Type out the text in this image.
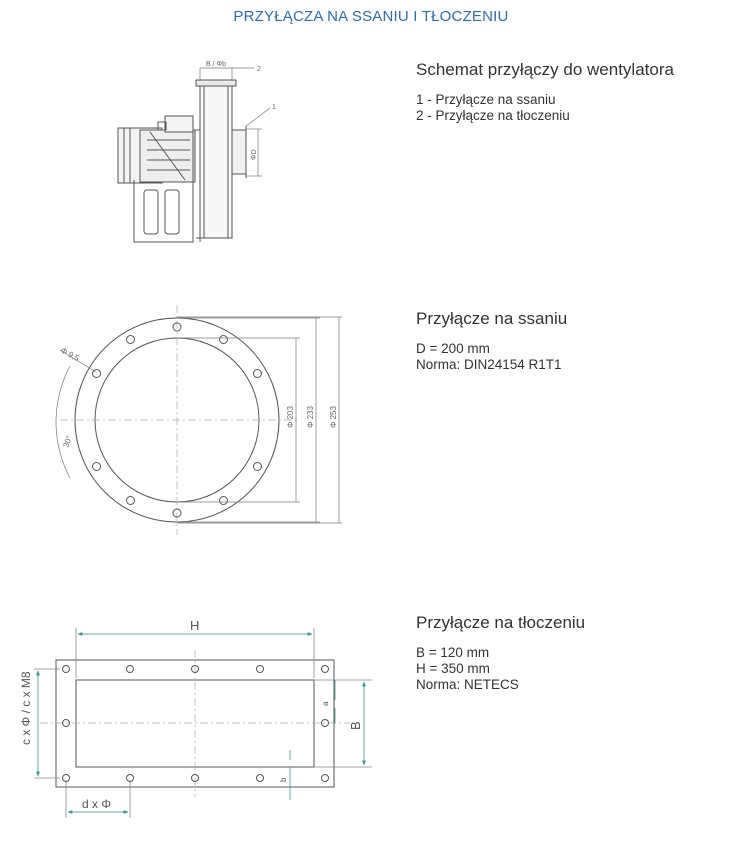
PRZYŁĄCZA NA SSANIU I TŁOCZENIU
Schemat przyłączy do wentylatora
1 - Przyłącze na ssaniu
2 - Przyłącze na tłoczeniu
Przyłącze na ssaniu
D = 200 mm
Norma: DIN24154 R1T1
Przyłącze na tłoczeniu
B = 120 mm
H = 350 mm
Norma: NETECS
B / Φb
2
1
ΦD
Φ 9,5
30°
Φ 203 Φ 233 Φ 253
H
B
a
b
c x Φ / c x M8
d x Φ
